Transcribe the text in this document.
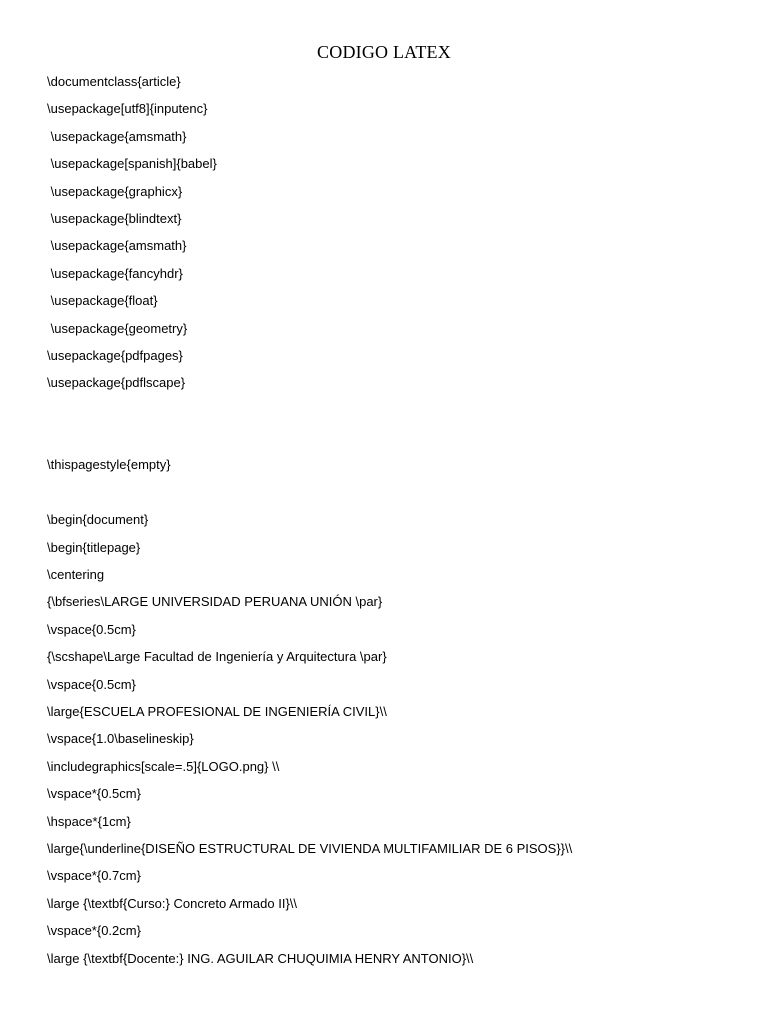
CODIGO LATEX
\documentclass{article}
\usepackage[utf8]{inputenc}
\usepackage{amsmath}
\usepackage[spanish]{babel}
\usepackage{graphicx}
\usepackage{blindtext}
\usepackage{amsmath}
\usepackage{fancyhdr}
\usepackage{float}
\usepackage{geometry}
\usepackage{pdfpages}
\usepackage{pdflscape}
\thispagestyle{empty}
\begin{document}
\begin{titlepage}
\centering
{\bfseries\LARGE UNIVERSIDAD PERUANA UNIÓN \par}
\vspace{0.5cm}
{\scshape\Large Facultad de Ingeniería y Arquitectura \par}
\vspace{0.5cm}
\large{ESCUELA PROFESIONAL DE INGENIERÍA CIVIL}\\
\vspace{1.0\baselineskip}
\includegraphics[scale=.5]{LOGO.png} \\
\vspace*{0.5cm}
\hspace*{1cm}
\large{\underline{DISEÑO ESTRUCTURAL DE VIVIENDA MULTIFAMILIAR DE 6 PISOS}}\\
\vspace*{0.7cm}
\large {\textbf{Curso:} Concreto Armado II}\\
\vspace*{0.2cm}
\large {\textbf{Docente:} ING. AGUILAR CHUQUIMIA HENRY ANTONIO}\\
